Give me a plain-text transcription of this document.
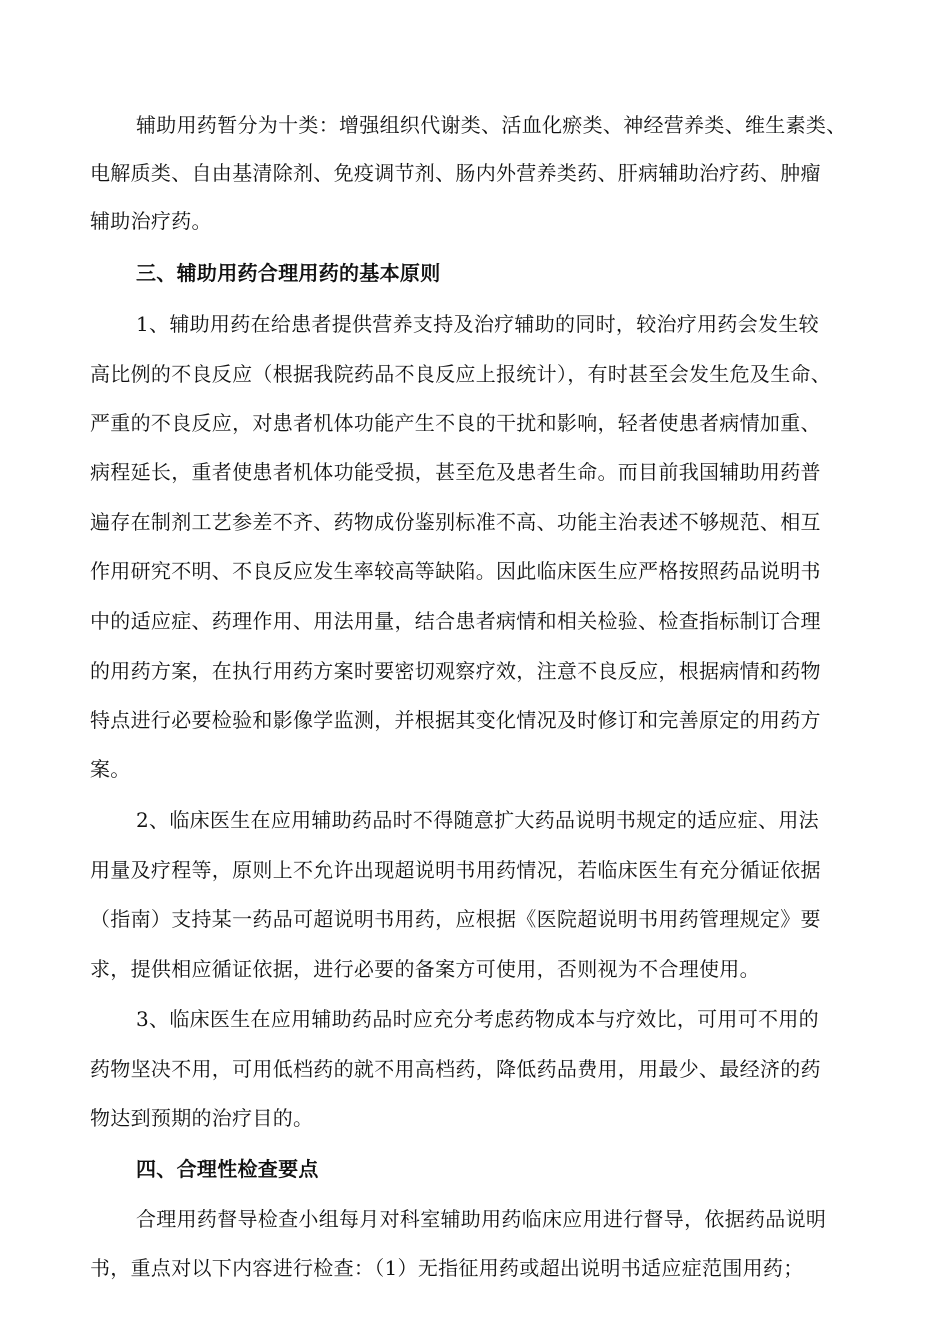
辅助用药暂分为十类：增强组织代谢类、活血化瘀类、神经营养类、维生素类、
电解质类、自由基清除剂、免疫调节剂、肠内外营养类药、肝病辅助治疗药、肿瘤
辅助治疗药。
三、辅助用药合理用药的基本原则
1、辅助用药在给患者提供营养支持及治疗辅助的同时，较治疗用药会发生较
高比例的不良反应（根据我院药品不良反应上报统计），有时甚至会发生危及生命、
严重的不良反应，对患者机体功能产生不良的干扰和影响，轻者使患者病情加重、
病程延长，重者使患者机体功能受损，甚至危及患者生命。而目前我国辅助用药普
遍存在制剂工艺参差不齐、药物成份鉴别标准不高、功能主治表述不够规范、相互
作用研究不明、不良反应发生率较高等缺陷。因此临床医生应严格按照药品说明书
中的适应症、药理作用、用法用量，结合患者病情和相关检验、检查指标制订合理
的用药方案，在执行用药方案时要密切观察疗效，注意不良反应，根据病情和药物
特点进行必要检验和影像学监测，并根据其变化情况及时修订和完善原定的用药方
案。
2、临床医生在应用辅助药品时不得随意扩大药品说明书规定的适应症、用法
用量及疗程等，原则上不允许出现超说明书用药情况，若临床医生有充分循证依据
（指南）支持某一药品可超说明书用药，应根据《医院超说明书用药管理规定》要
求，提供相应循证依据，进行必要的备案方可使用，否则视为不合理使用。
3、临床医生在应用辅助药品时应充分考虑药物成本与疗效比，可用可不用的
药物坚决不用，可用低档药的就不用高档药，降低药品费用，用最少、最经济的药
物达到预期的治疗目的。
四、合理性检查要点
合理用药督导检查小组每月对科室辅助用药临床应用进行督导，依据药品说明
书，重点对以下内容进行检查：（1）无指征用药或超出说明书适应症范围用药；
